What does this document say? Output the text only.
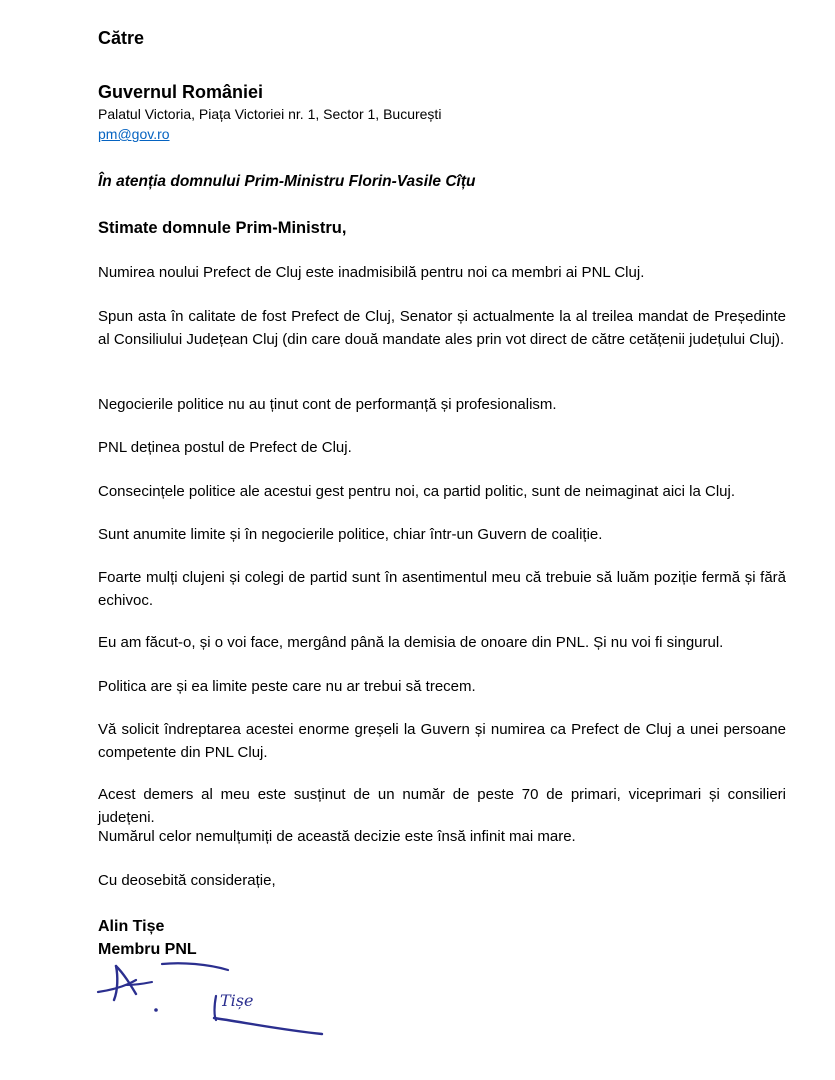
Către
Guvernul României
Palatul Victoria, Piața Victoriei nr. 1, Sector 1, București
pm@gov.ro
În atenția domnului Prim-Ministru Florin-Vasile Cîțu
Stimate domnule Prim-Ministru,
Numirea noului Prefect de Cluj este inadmisibilă pentru noi ca membri ai PNL Cluj.
Spun asta în calitate de fost Prefect de Cluj, Senator și actualmente la al treilea mandat de Președinte al Consiliului Județean Cluj (din care două mandate ales prin vot direct de către cetățenii județului Cluj).
Negocierile politice nu au ținut cont de performanță și profesionalism.
PNL deținea postul de Prefect de Cluj.
Consecințele politice ale acestui gest pentru noi, ca partid politic, sunt de neimaginat aici la Cluj.
Sunt anumite limite și în negocierile politice, chiar într-un Guvern de coaliție.
Foarte mulți clujeni și colegi de partid sunt în asentimentul meu că trebuie să luăm poziție fermă și fără echivoc.
Eu am făcut-o, și o voi face, mergând până la demisia de onoare din PNL. Și nu voi fi singurul.
Politica are și ea limite peste care nu ar trebui să trecem.
Vă solicit îndreptarea acestei enorme greșeli la Guvern și numirea ca Prefect de Cluj a unei persoane competente din PNL Cluj.
Acest demers al meu este susținut de un număr de peste 70 de primari, viceprimari și consilieri județeni.
Numărul celor nemulțumiți de această decizie este însă infinit mai mare.
Cu deosebită considerație,
Alin Tișe
Membru PNL
Tișe
